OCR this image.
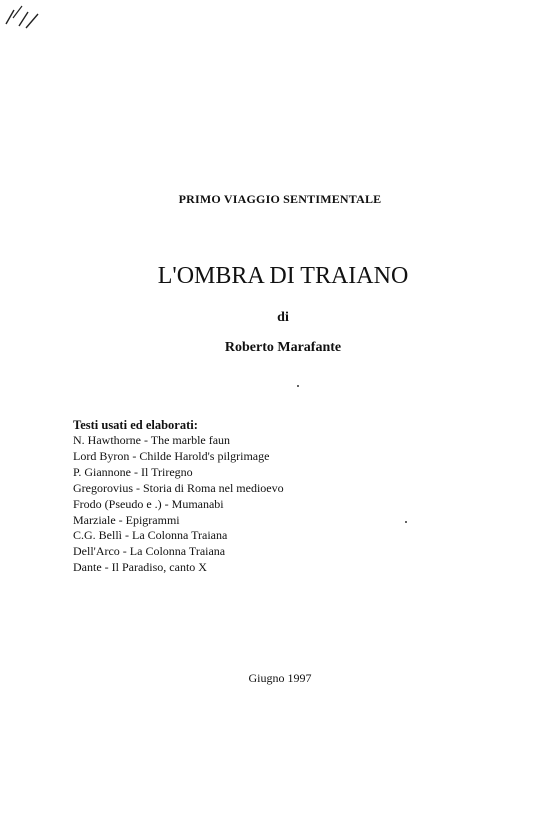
PRIMO VIAGGIO SENTIMENTALE
L'OMBRA DI TRAIANO
di
Roberto Marafante

Testi usati ed elaborati:

N. Hawthorne - The marble faun
Lord Byron - Childe Harold's pilgrimage
P. Giannone - Il Triregno
Gregorovius - Storia di Roma nel medioevo
Frodo (Pseudo e .) - Mumanabi
Marziale - Epigrammi
C.G. Bellì - La Colonna Traiana
Dell'Arco - La Colonna Traiana
Dante - Il Paradiso, canto X
Giugno 1997
